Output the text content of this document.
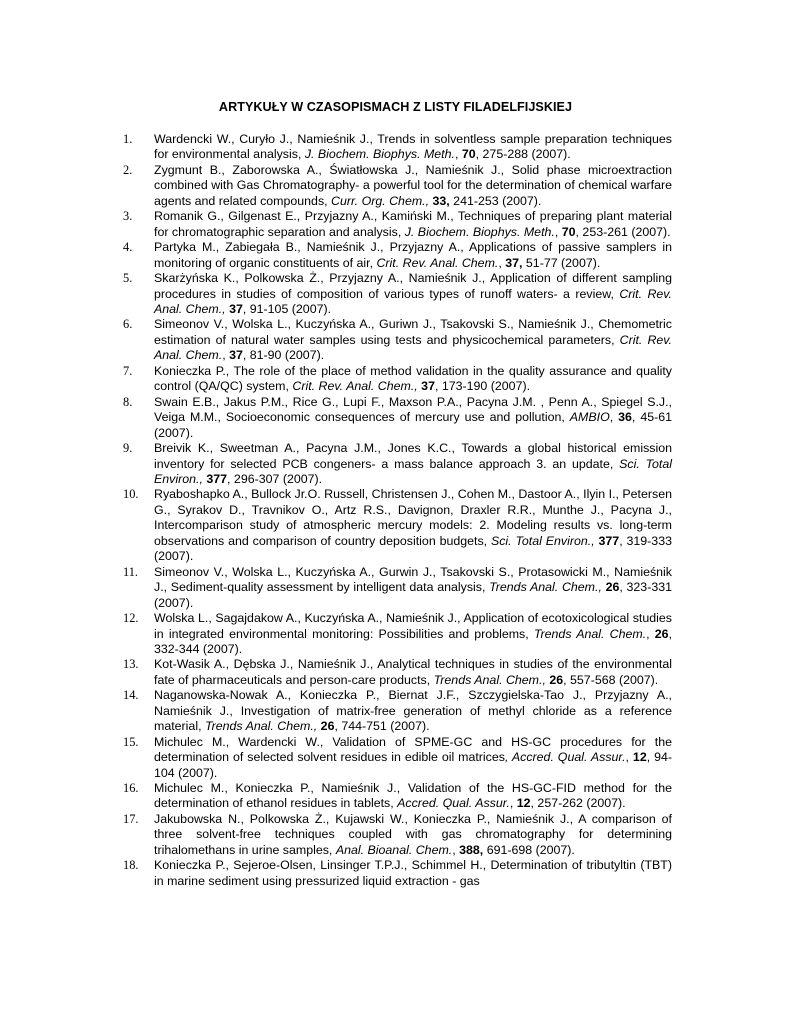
ARTYKUŁY W CZASOPISMACH Z LISTY FILADELFIJSKIEJ
1.	Wardencki W., Curyło J., Namieśnik J., Trends in solventless sample preparation techniques for environmental analysis, J. Biochem. Biophys. Meth., 70, 275-288 (2007).
2.	Zygmunt B., Zaborowska A., Światłowska J., Namieśnik J., Solid phase microextraction combined with Gas Chromatography- a powerful tool for the determination of chemical warfare agents and related compounds, Curr. Org. Chem., 33, 241-253 (2007).
3.	Romanik G., Gilgenast E., Przyjazny A., Kamiński M., Techniques of preparing plant material for chromatographic separation and analysis, J. Biochem. Biophys. Meth., 70, 253-261 (2007).
4.	Partyka M., Zabiegała B., Namieśnik J., Przyjazny A., Applications of passive samplers in monitoring of organic constituents of air, Crit. Rev. Anal. Chem., 37, 51-77 (2007).
5.	Skarżyńska K., Polkowska Ż., Przyjazny A., Namieśnik J., Application of different sampling procedures in studies of composition of various types of runoff waters- a review, Crit. Rev. Anal. Chem., 37, 91-105 (2007).
6.	Simeonov V., Wolska L., Kuczyńska A., Guriwn J., Tsakovski S., Namieśnik J., Chemometric estimation of natural water samples using tests and physicochemical parameters, Crit. Rev. Anal. Chem., 37, 81-90 (2007).
7.	Konieczka P., The role of the place of method validation in the quality assurance and quality control (QA/QC) system, Crit. Rev. Anal. Chem., 37, 173-190 (2007).
8.	Swain E.B., Jakus P.M., Rice G., Lupi F., Maxson P.A., Pacyna J.M. , Penn A., Spiegel S.J., Veiga M.M., Socioeconomic consequences of mercury use and pollution, AMBIO, 36, 45-61 (2007).
9.	Breivik K., Sweetman A., Pacyna J.M., Jones K.C., Towards a global historical emission inventory for selected PCB congeners- a mass balance approach 3. an update, Sci. Total Environ., 377, 296-307 (2007).
10.	Ryaboshapko A., Bullock Jr.O. Russell, Christensen J., Cohen M., Dastoor A., Ilyin I., Petersen G., Syrakov D., Travnikov O., Artz R.S., Davignon, Draxler R.R., Munthe J., Pacyna J., Intercomparison study of atmospheric mercury models: 2. Modeling results vs. long-term observations and comparison of country deposition budgets, Sci. Total Environ., 377, 319-333 (2007).
11.	Simeonov V., Wolska L., Kuczyńska A., Gurwin J., Tsakovski S., Protasowicki M., Namieśnik J., Sediment-quality assessment by intelligent data analysis, Trends Anal. Chem., 26, 323-331 (2007).
12.	Wolska L., Sagajdakow A., Kuczyńska A., Namieśnik J., Application of ecotoxicological studies in integrated environmental monitoring: Possibilities and problems, Trends Anal. Chem., 26, 332-344 (2007).
13.	Kot-Wasik A., Dębska J., Namieśnik J., Analytical techniques in studies of the environmental fate of pharmaceuticals and person-care products, Trends Anal. Chem., 26, 557-568 (2007).
14.	Naganowska-Nowak A., Konieczka P., Biernat J.F., Szczygielska-Tao J., Przyjazny A., Namieśnik J., Investigation of matrix-free generation of methyl chloride as a reference material, Trends Anal. Chem., 26, 744-751 (2007).
15.	Michulec M., Wardencki W., Validation of SPME-GC and HS-GC procedures for the determination of selected solvent residues in edible oil matrices, Accred. Qual. Assur., 12, 94-104 (2007).
16.	Michulec M., Konieczka P., Namieśnik J., Validation of the HS-GC-FID method for the determination of ethanol residues in tablets, Accred. Qual. Assur., 12, 257-262 (2007).
17.	Jakubowska N., Polkowska Ż., Kujawski W., Konieczka P., Namieśnik J., A comparison of three solvent-free techniques coupled with gas chromatography for determining trihalomethans in urine samples, Anal. Bioanal. Chem., 388, 691-698 (2007).
18.	Konieczka P., Sejeroe-Olsen, Linsinger T.P.J., Schimmel H., Determination of tributyltin (TBT) in marine sediment using pressurized liquid extraction - gas
